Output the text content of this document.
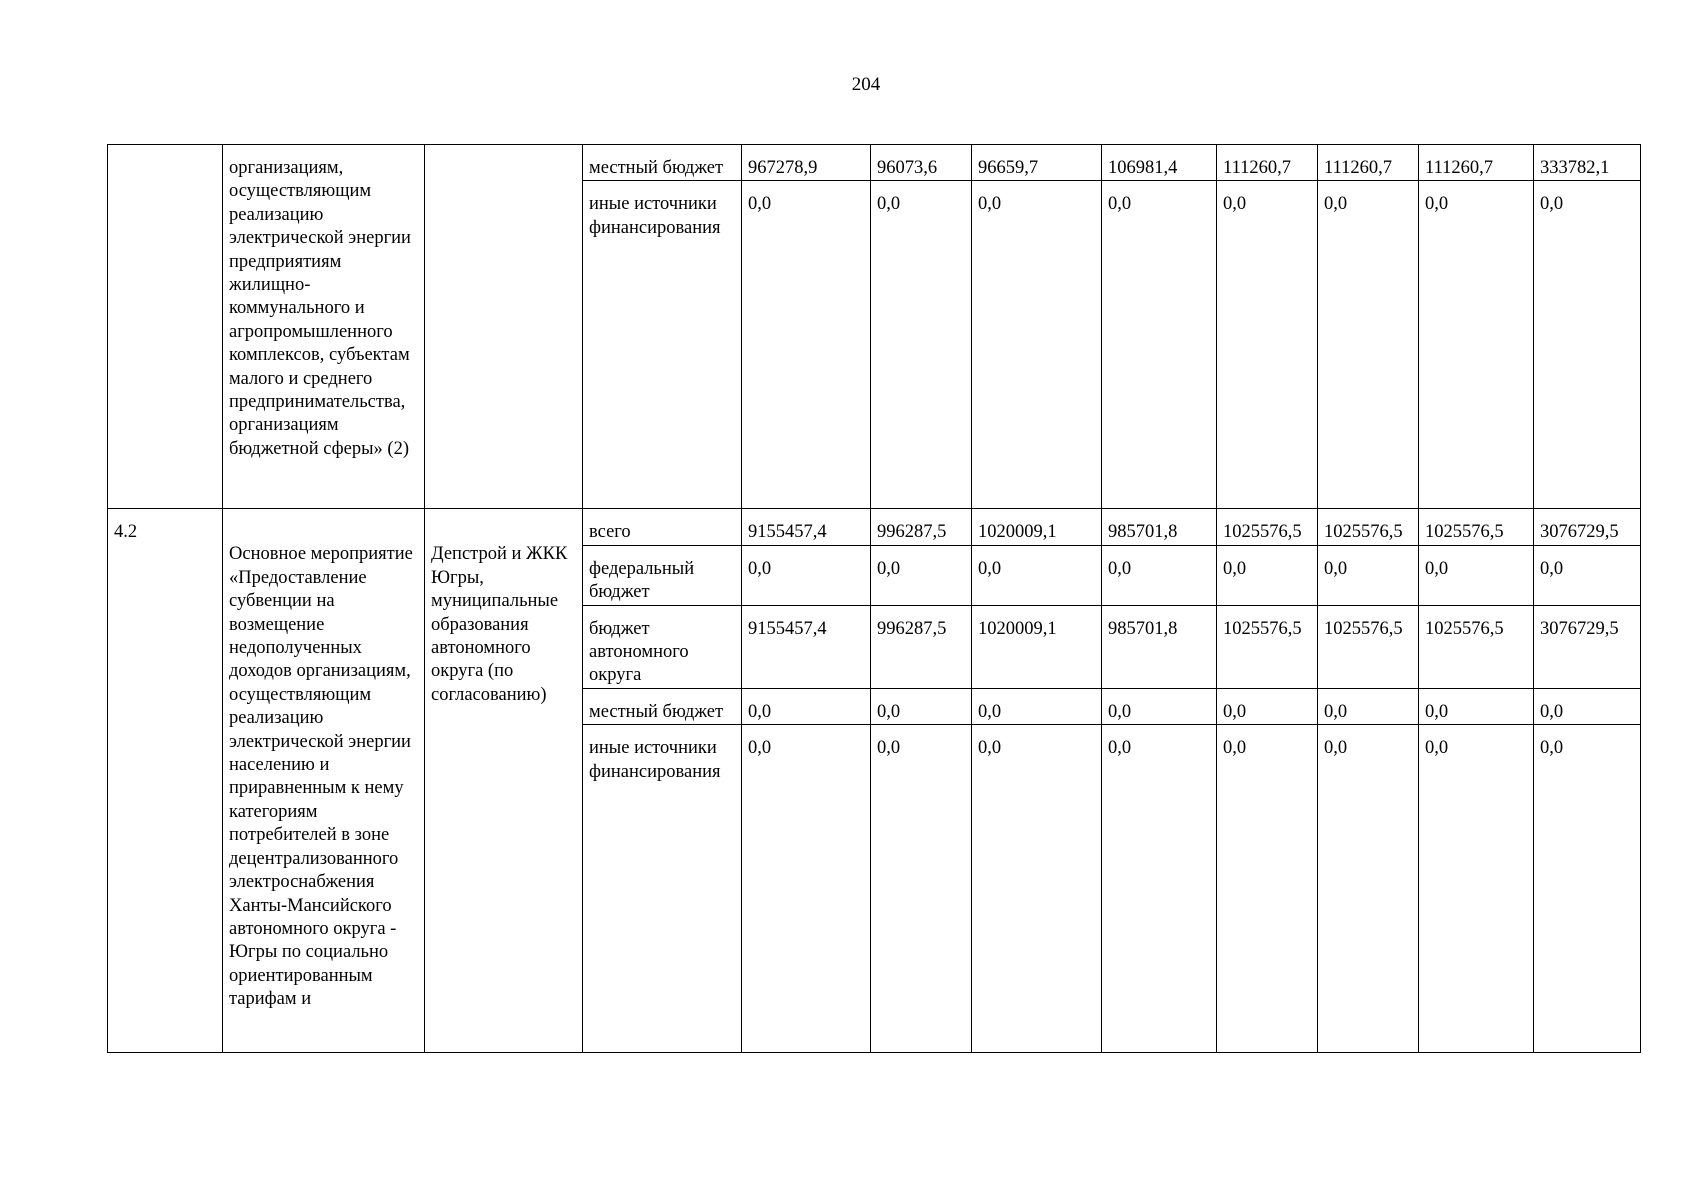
204

	организациям, осуществляющим реализацию электрической энергии предприятиям жилищно-коммунального и агропромышленного комплексов, субъектам малого и среднего предпринимательства, организациям бюджетной сферы» (2)		местный бюджет	967278,9	96073,6	96659,7	106981,4	111260,7	111260,7	111260,7	333782,1

			иные источники финансирования	0,0	0,0	0,0	0,0	0,0	0,0	0,0	0,0

4.2	Основное мероприятие «Предоставление субвенции на возмещение недополученных доходов организациям, осуществляющим реализацию электрической энергии населению и приравненным к нему категориям потребителей в зоне децентрализованного электроснабжения Ханты-Мансийского автономного округа - Югры по социально ориентированным тарифам и	Депстрой и ЖКК Югры, муниципальные образования автономного округа (по согласованию)	всего	9155457,4	996287,5	1020009,1	985701,8	1025576,5	1025576,5	1025576,5	3076729,5

			федеральный бюджет	0,0	0,0	0,0	0,0	0,0	0,0	0,0	0,0

			бюджет автономного округа	9155457,4	996287,5	1020009,1	985701,8	1025576,5	1025576,5	1025576,5	3076729,5

			местный бюджет	0,0	0,0	0,0	0,0	0,0	0,0	0,0	0,0

			иные источники финансирования	0,0	0,0	0,0	0,0	0,0	0,0	0,0	0,0
